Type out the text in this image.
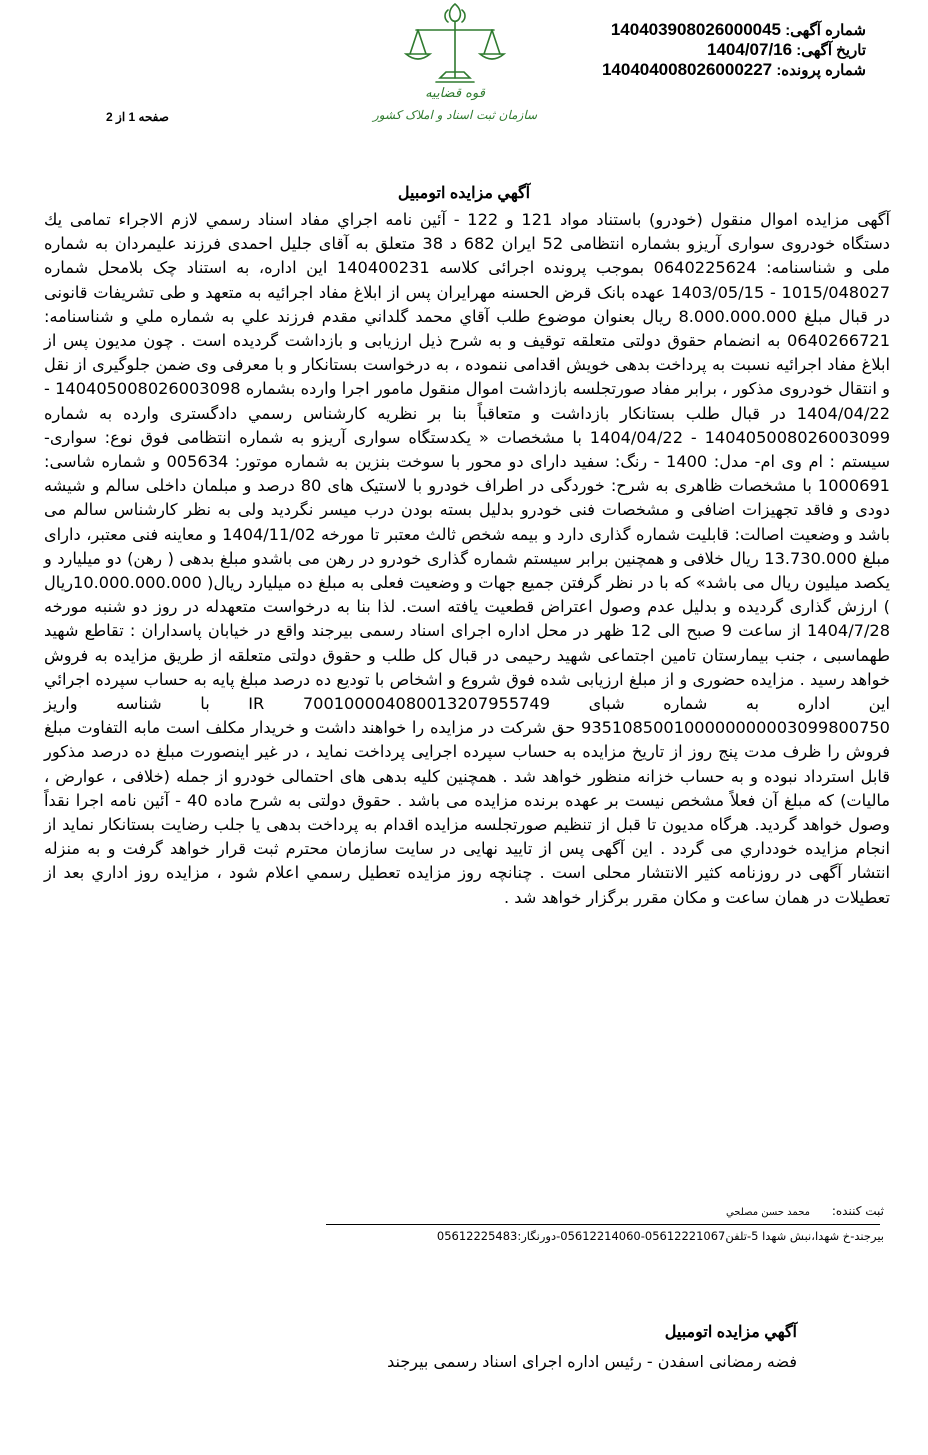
شماره آگهی: 14040390802600004‎5
تاریخ آگهی: 1404/07/16
شماره پرونده: 140404008026000227
قوه قضاییه
سازمان ثبت اسناد و املاک کشور
صفحه 1 از 2
آگهي مزايده اتومبيل

آگهی مزایده اموال منقول (خودرو) باستناد مواد 121 و 122 - آئین نامه اجراي مفاد اسناد رسمي لازم الاجراء تمامی يك دستگاه خودروی سواری آریزو بشماره انتظامی 52 ایران 682 د 38 متعلق به آقای جلیل احمدی فرزند علیمردان به شماره ملی و شناسنامه: 0640225624 بموجب پرونده اجرائی کلاسه 140400231 این اداره، به استناد چک بلامحل شماره 1015/048027 - 1403/05/15 عهده بانک قرض الحسنه مهرایران پس از ابلاغ مفاد اجرائیه به متعهد و طی تشریفات قانونی در قبال مبلغ 8.000.000.000 ریال بعنوان موضوع طلب آقاي محمد گلداني مقدم فرزند علي به شماره ملي و شناسنامه: 0640266721 به انضمام حقوق دولتی متعلقه توقیف و به شرح ذیل ارزیابی و بازداشت گردیده است . چون مدیون پس از ابلاغ مفاد اجرائیه نسبت به پرداخت بدهی خویش اقدامی ننموده ، به درخواست بستانکار و با معرفی وی ضمن جلوگیری از نقل و انتقال خودروی مذکور ، برابر مفاد صورتجلسه بازداشت اموال منقول مامور اجرا وارده بشماره 140405008026003098 - 1404/04/22 در قبال طلب بستانکار بازداشت و متعاقباً بنا بر نظریه کارشناس رسمي دادگستری وارده به شماره 140405008026003099 - 1404/04/22 با مشخصات « يكدستگاه سواری آریزو به شماره انتظامی فوق نوع: سواری- سیستم : ام وی ام- مدل: 1400 - رنگ: سفید دارای دو محور با سوخت بنزین به شماره موتور: 005634 و شماره شاسی: 1000691 با مشخصات ظاهری به شرح: خوردگی در اطراف خودرو با لاستیک های 80 درصد و مبلمان داخلی سالم و شیشه دودی و فاقد تجهیزات اضافی و مشخصات فنی خودرو بدلیل بسته بودن درب میسر نگردید ولی به نظر کارشناس سالم می باشد و وضعیت اصالت: قابلیت شماره گذاری دارد و بیمه شخص ثالث معتبر تا مورخه 1404/11/02 و معاینه فنی معتبر، دارای مبلغ 13.730.000 ریال خلافی و همچنین برابر سیستم شماره گذاری خودرو در رهن می باشدو مبلغ بدهی ( رهن) دو میلیارد و یکصد میلیون ریال می باشد» که با در نظر گرفتن جمیع جهات و وضعیت فعلی به مبلغ ده میلیارد ریال( 10.000.000.000ریال ) ارزش گذاری گردیده و بدلیل عدم وصول اعتراض قطعیت یافته است. لذا بنا به درخواست متعهدله در روز دو شنبه مورخه 1404/7/28 از ساعت 9 صبح الی 12 ظهر در محل اداره اجرای اسناد رسمی بیرجند واقع در خیابان پاسداران : تقاطع شهید طهماسبی ، جنب بیمارستان تامین اجتماعی شهید رحیمی در قبال کل طلب و حقوق دولتی متعلقه از طريق مزايده به فروش خواهد رسید . مزایده حضوری و از مبلغ ارزیابی شده فوق شروع و اشخاص با توديع ده درصد مبلغ پايه به حساب سپرده اجرائي اين اداره به شماره شبای IR 700100004080013207955749 با شناسه واریز 935108500100000000003099800750 حق شركت در مزايده را خواهند داشت و خريدار مكلف است مابه التفاوت مبلغ فروش را ظرف مدت پنج روز از تاریخ مزایده به حساب سپرده اجرایی پرداخت نماید ، در غیر اینصورت مبلغ ده درصد مذکور قابل استرداد نبوده و به حساب خزانه منظور خواهد شد . همچنین کلیه بدهی های احتمالی خودرو از جمله (خلافی ، عوارض ، مالیات) که مبلغ آن فعلاً مشخص نیست بر عهده برنده مزایده می باشد . حقوق دولتی به شرح ماده 40 - آئین نامه اجرا نقداً وصول خواهد گردید. هرگاه مديون تا قبل از تنظيم صورتجلسه مزايده اقدام به پرداخت بدهی يا جلب رضايت بستانكار نمايد از انجام مزايده خودداري می گردد . این آگهی پس از تایید نهایی در سایت سازمان محترم ثبت قرار خواهد گرفت و به منزله انتشار آگهی در روزنامه کثیر الانتشار محلی است . چنانچه روز مزايده تعطيل رسمي اعلام شود ، مزايده روز اداري بعد از تعطيلات در همان ساعت و مكان مقرر برگزار خواهد شد .

ثبت کننده: محمد حسن مصلحي
بيرجند-خ شهدا،نبش شهدا 5-تلفن05612221067-05612214060-دورنگار:05612225483
آگهي مزايده اتومبيل
فضه رمضانی اسفدن - رئیس اداره اجرای اسناد رسمی بیرجند
